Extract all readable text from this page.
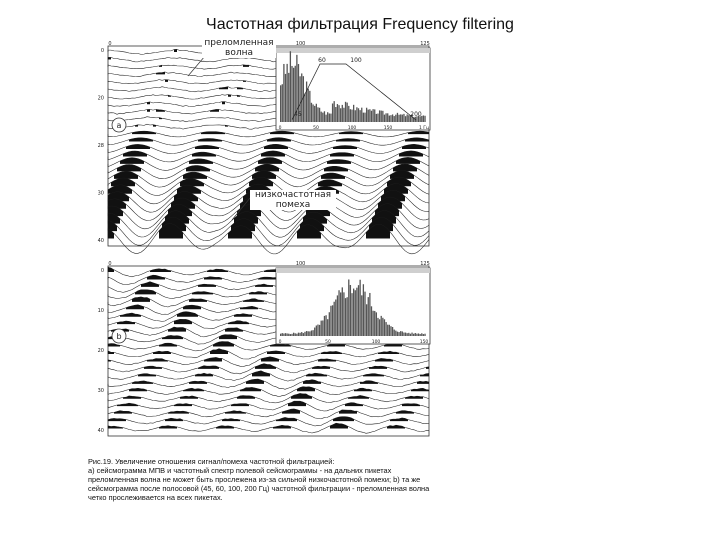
Частотная фильтрация Frequency filtering
0	100	125
0
20
28
30
40
0	50	100	150	1 Гц
45
60	100
200
a
преломленная волна
низкочастотная помеха
0	100	125
0
10
20
30
40
0	50	100	150
b
Рис.19. Увеличение отношения сигнал/помеха частотной фильтрацией:
а) сейсмограмма МПВ и частотный спектр полевой сейсмограммы - на дальних пикетах преломленная волна не может быть прослежена из-за сильной низкочастотной помехи; b) та же сейсмограмма после полосовой (45, 60, 100, 200 Гц) частотной фильтрации - преломленная волна четко прослеживается на всех пикетах.
